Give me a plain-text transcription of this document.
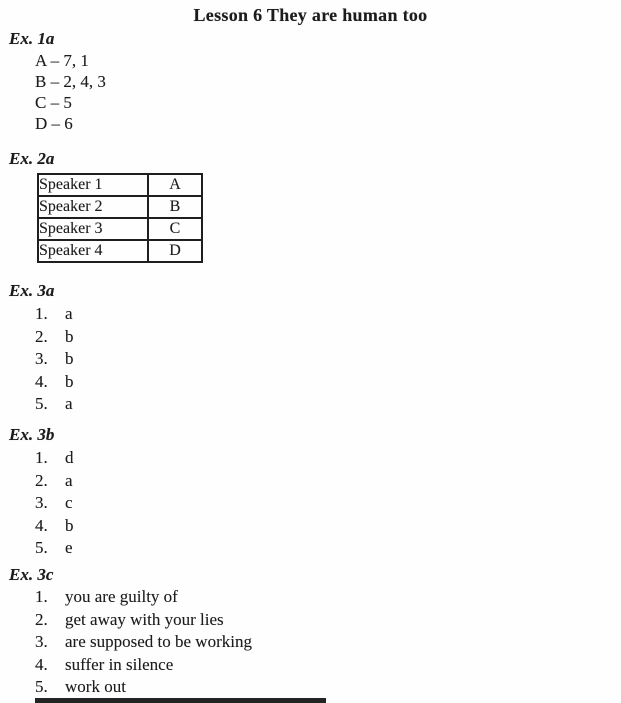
Lesson 6 They are human too
Ex. 1a
A – 7, 1
B – 2, 4, 3
C – 5
D – 6
Ex. 2a
Speaker 1	A
Speaker 2	B
Speaker 3	C
Speaker 4	D
Ex. 3a
1.	a
2.	b
3.	b
4.	b
5.	a
Ex. 3b
1.	d
2.	a
3.	c
4.	b
5.	e
Ex. 3c
1.	you are guilty of
2.	get away with your lies
3.	are supposed to be working
4.	suffer in silence
5.	work out
